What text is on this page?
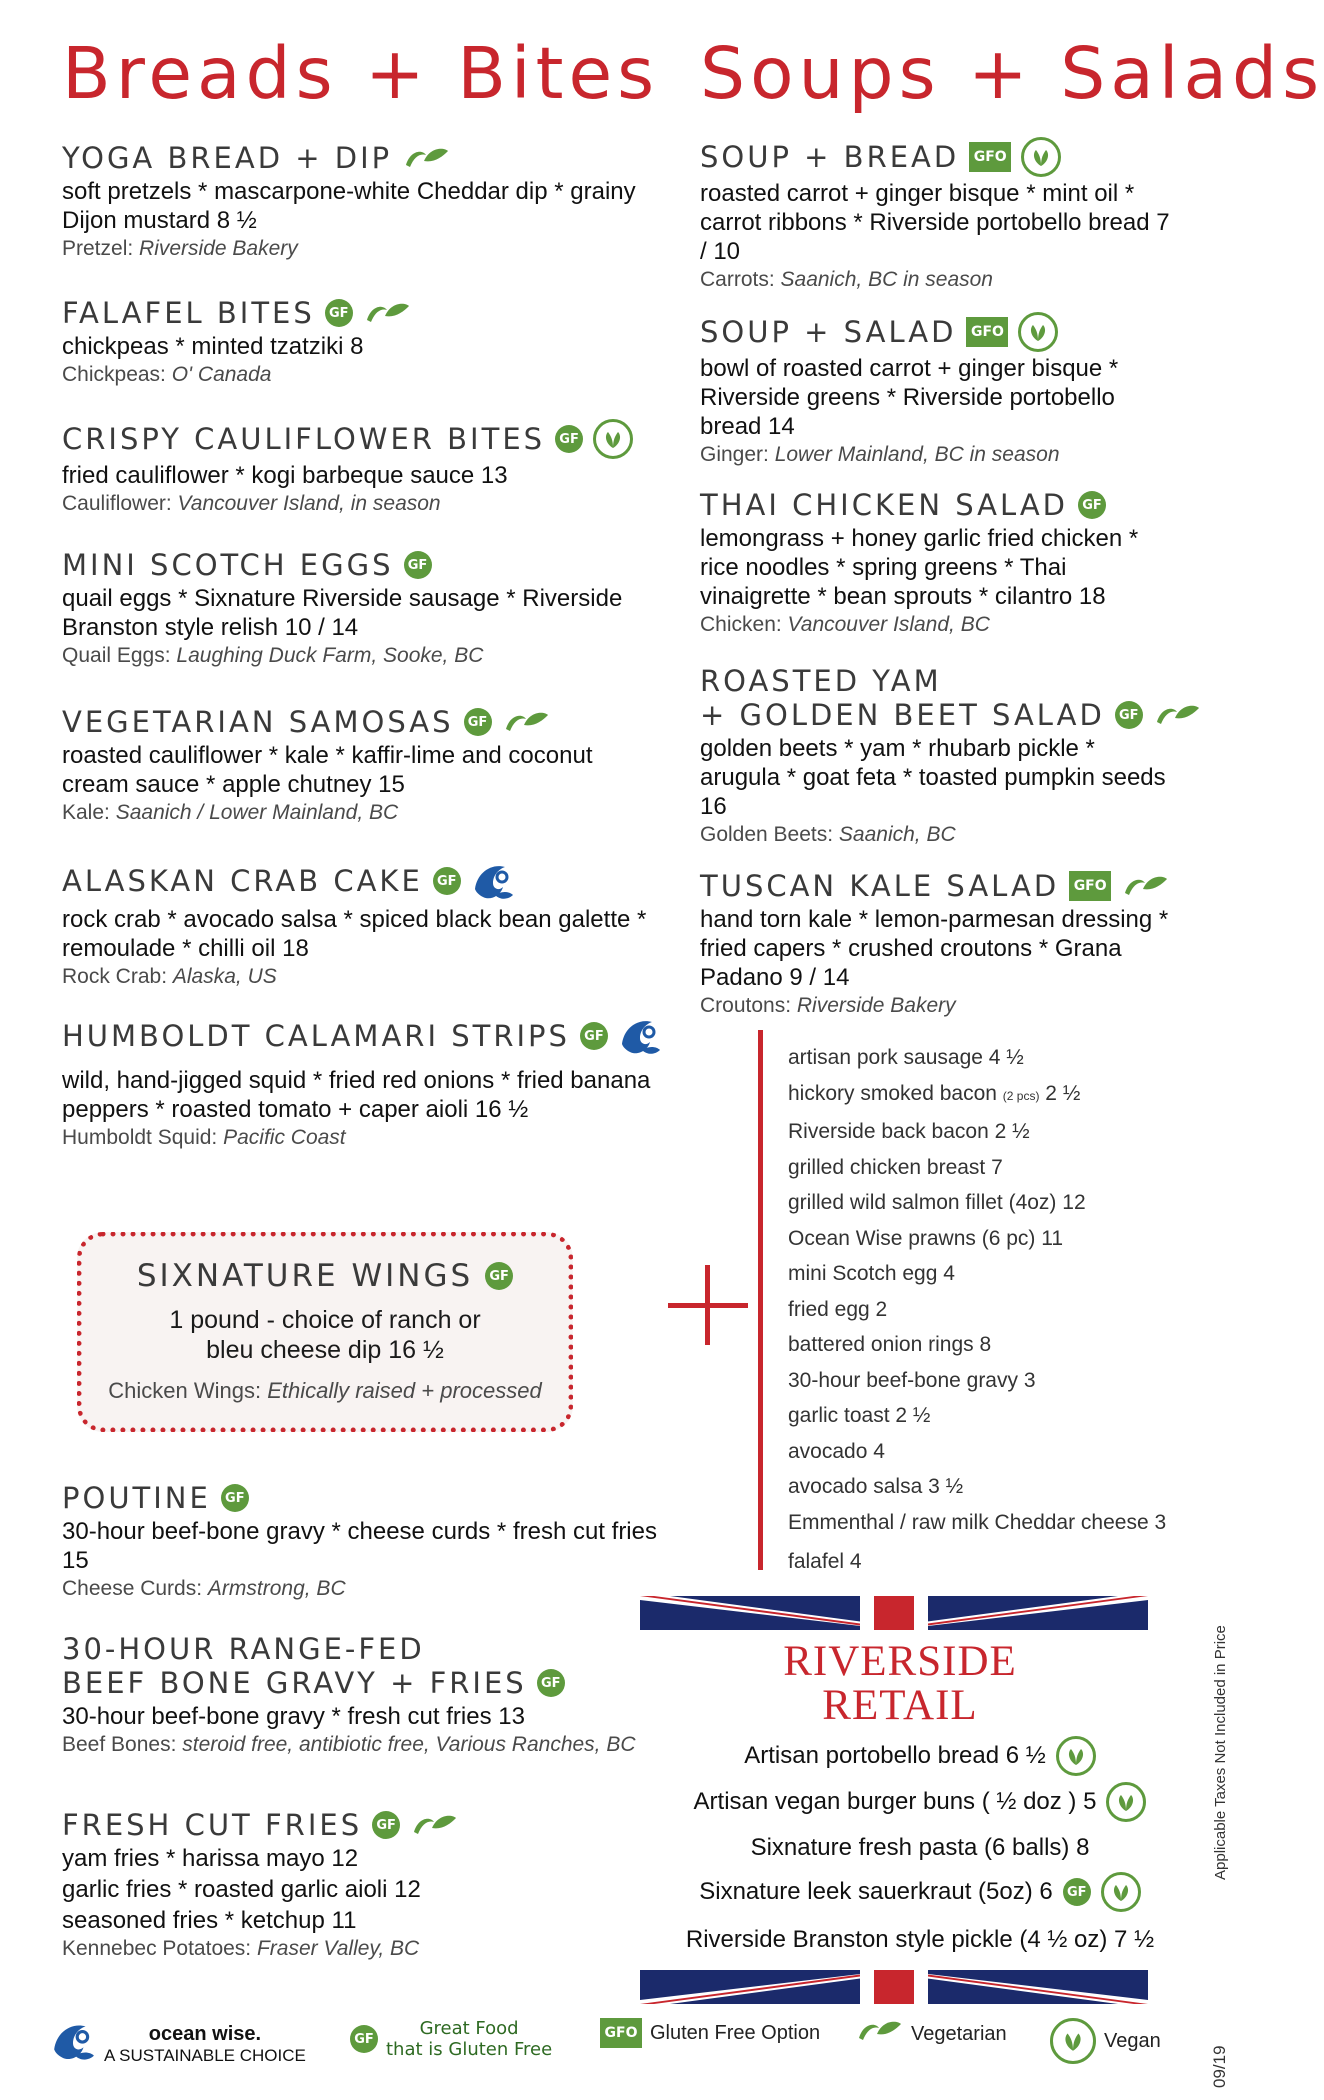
Breads + Bites
YOGA BREAD + DIP
soft pretzels * mascarpone-white Cheddar dip * grainy Dijon mustard 8 ½
Pretzel: Riverside Bakery
FALAFEL BITES	GF
chickpeas * minted tzatziki 8
Chickpeas: O' Canada
CRISPY CAULIFLOWER BITES	GF
fried cauliflower * kogi barbeque sauce 13
Cauliflower: Vancouver Island, in season
MINI SCOTCH EGGS	GF
quail eggs * Sixnature Riverside sausage * Riverside Branston style relish 10 / 14
Quail Eggs: Laughing Duck Farm, Sooke, BC
VEGETARIAN SAMOSAS	GF
roasted cauliflower * kale * kaffir-lime and coconut cream sauce * apple chutney 15
Kale: Saanich / Lower Mainland, BC
ALASKAN CRAB CAKE	GF
rock crab * avocado salsa * spiced black bean galette * remoulade * chilli oil 18
Rock Crab: Alaska, US
HUMBOLDT CALAMARI STRIPS	GF
wild, hand-jigged squid * fried red onions * fried banana peppers * roasted tomato + caper aioli 16 ½
Humboldt Squid: Pacific Coast
SIXNATURE WINGS	GF
1 pound - choice of ranch or bleu cheese dip 16 ½
Chicken Wings: Ethically raised + processed
POUTINE	GF
30-hour beef-bone gravy * cheese curds * fresh cut fries 15
Cheese Curds: Armstrong, BC
30-HOUR RANGE-FED
BEEF BONE GRAVY + FRIES	GF
30-hour beef-bone gravy * fresh cut fries 13
Beef Bones: steroid free, antibiotic free, Various Ranches, BC
FRESH CUT FRIES	GF
yam fries * harissa mayo 12
garlic fries * roasted garlic aioli 12
seasoned fries * ketchup 11
Kennebec Potatoes: Fraser Valley, BC
Soups + Salads
SOUP + BREAD	GFO
roasted carrot + ginger bisque * mint oil * carrot ribbons * Riverside portobello bread 7 / 10
Carrots: Saanich, BC in season
SOUP + SALAD	GFO
bowl of roasted carrot + ginger bisque * Riverside greens * Riverside portobello bread 14
Ginger: Lower Mainland, BC in season
THAI CHICKEN SALAD	GF
lemongrass + honey garlic fried chicken * rice noodles * spring greens * Thai vinaigrette * bean sprouts * cilantro 18
Chicken: Vancouver Island, BC
ROASTED YAM
+ GOLDEN BEET SALAD	GF
golden beets * yam * rhubarb pickle * arugula * goat feta * toasted pumpkin seeds 16
Golden Beets: Saanich, BC
TUSCAN KALE SALAD	GFO
hand torn kale * lemon-parmesan dressing * fried capers * crushed croutons * Grana Padano 9 / 14
Croutons: Riverside Bakery
artisan pork sausage 4 ½
hickory smoked bacon (2 pcs) 2 ½
Riverside back bacon 2 ½
grilled chicken breast 7
grilled wild salmon fillet (4oz) 12
Ocean Wise prawns (6 pc) 11
mini Scotch egg 4
fried egg 2
battered onion rings 8
30-hour beef-bone gravy 3
garlic toast 2 ½
avocado 4
avocado salsa 3 ½
Emmenthal / raw milk Cheddar cheese 3
falafel 4
RIVERSIDE
RETAIL
Artisan portobello bread 6 ½
Artisan vegan burger buns ( ½ doz ) 5
Sixnature fresh pasta (6 balls) 8
Sixnature leek sauerkraut (5oz) 6	GF
Riverside Branston style pickle (4 ½ oz) 7 ½
ocean wise.
A SUSTAINABLE CHOICE
GF	Great Food
that is Gluten Free
GFO Gluten Free Option	Vegetarian	Vegan
Applicable Taxes Not Included in Price
09/19
